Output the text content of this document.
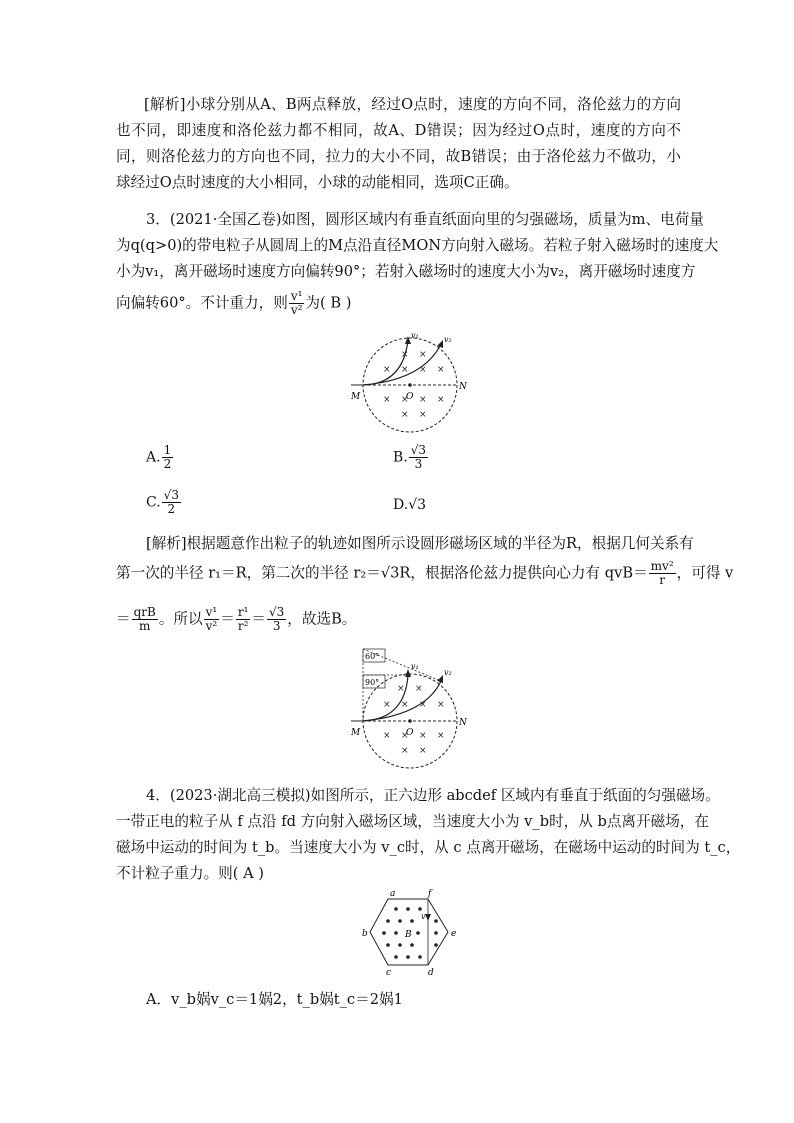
[解析]小球分别从A、B两点释放，经过O点时，速度的方向不同，洛伦兹力的方向也不同，即速度和洛伦兹力都不相同，故A、D错误；因为经过O点时，速度的方向不同，则洛伦兹力的方向也不同，拉力的大小不同，故B错误；由于洛伦兹力不做功，小球经过O点时速度的大小相同，小球的动能相同，选项C正确。
3．(2021·全国乙卷)如图，圆形区域内有垂直纸面向里的匀强磁场，质量为m、电荷量
为q(q>0)的带电粒子从圆周上的M点沿直径MON方向射入磁场。若粒子射入磁场时的速度大
小为v₁，离开磁场时速度方向偏转90°；若射入磁场时的速度大小为v₂，离开磁场时速度方
向偏转60°。不计重力，则 $\frac{\text{v¹}}{\text{v²}}$ 为( B )
v₁	v₂
× ×
× × × ×
× × × ×
× ×
M	O
N
A. $\frac{1}{2}$	B. $\frac{√3}{3}$
C. $\frac{√3}{2}$	D.√3
[解析]根据题意作出粒子的轨迹如图所示设圆形磁场区域的半径为R，根据几何关系有
第一次的半径 r₁＝R，第二次的半径 r₂＝√3R，根据洛伦兹力提供向心力有 $qvB= \frac{\text{mv²}}{r}$ ，可得 v
＝ $\frac{\text{qrB}}{m}$ 。所以 $\frac{\text{v¹}}{\text{v²}} = \frac{\text{r¹}}{\text{r²}} = \frac{√3}{3}$ ，故选B。
60°
90°
v₁
v₂
× ×
× × × ×
× × × ×
× ×
M	O
N
4．(2023·湖北高三模拟)如图所示，正六边形 abcdef 区域内有垂直于纸面的匀强磁场。
一带正电的粒子从 f 点沿 fd 方向射入磁场区域，当速度大小为 v_b时，从 b点离开磁场，在
磁场中运动的时间为 t_b。当速度大小为 v_c时，从 c 点离开磁场，在磁场中运动的时间为 t_c，
不计粒子重力。则( A )
v
B
a
b
c	d
e
f
A．v_b娲v_c＝1娲2，t_b娲t_c＝2娲1
